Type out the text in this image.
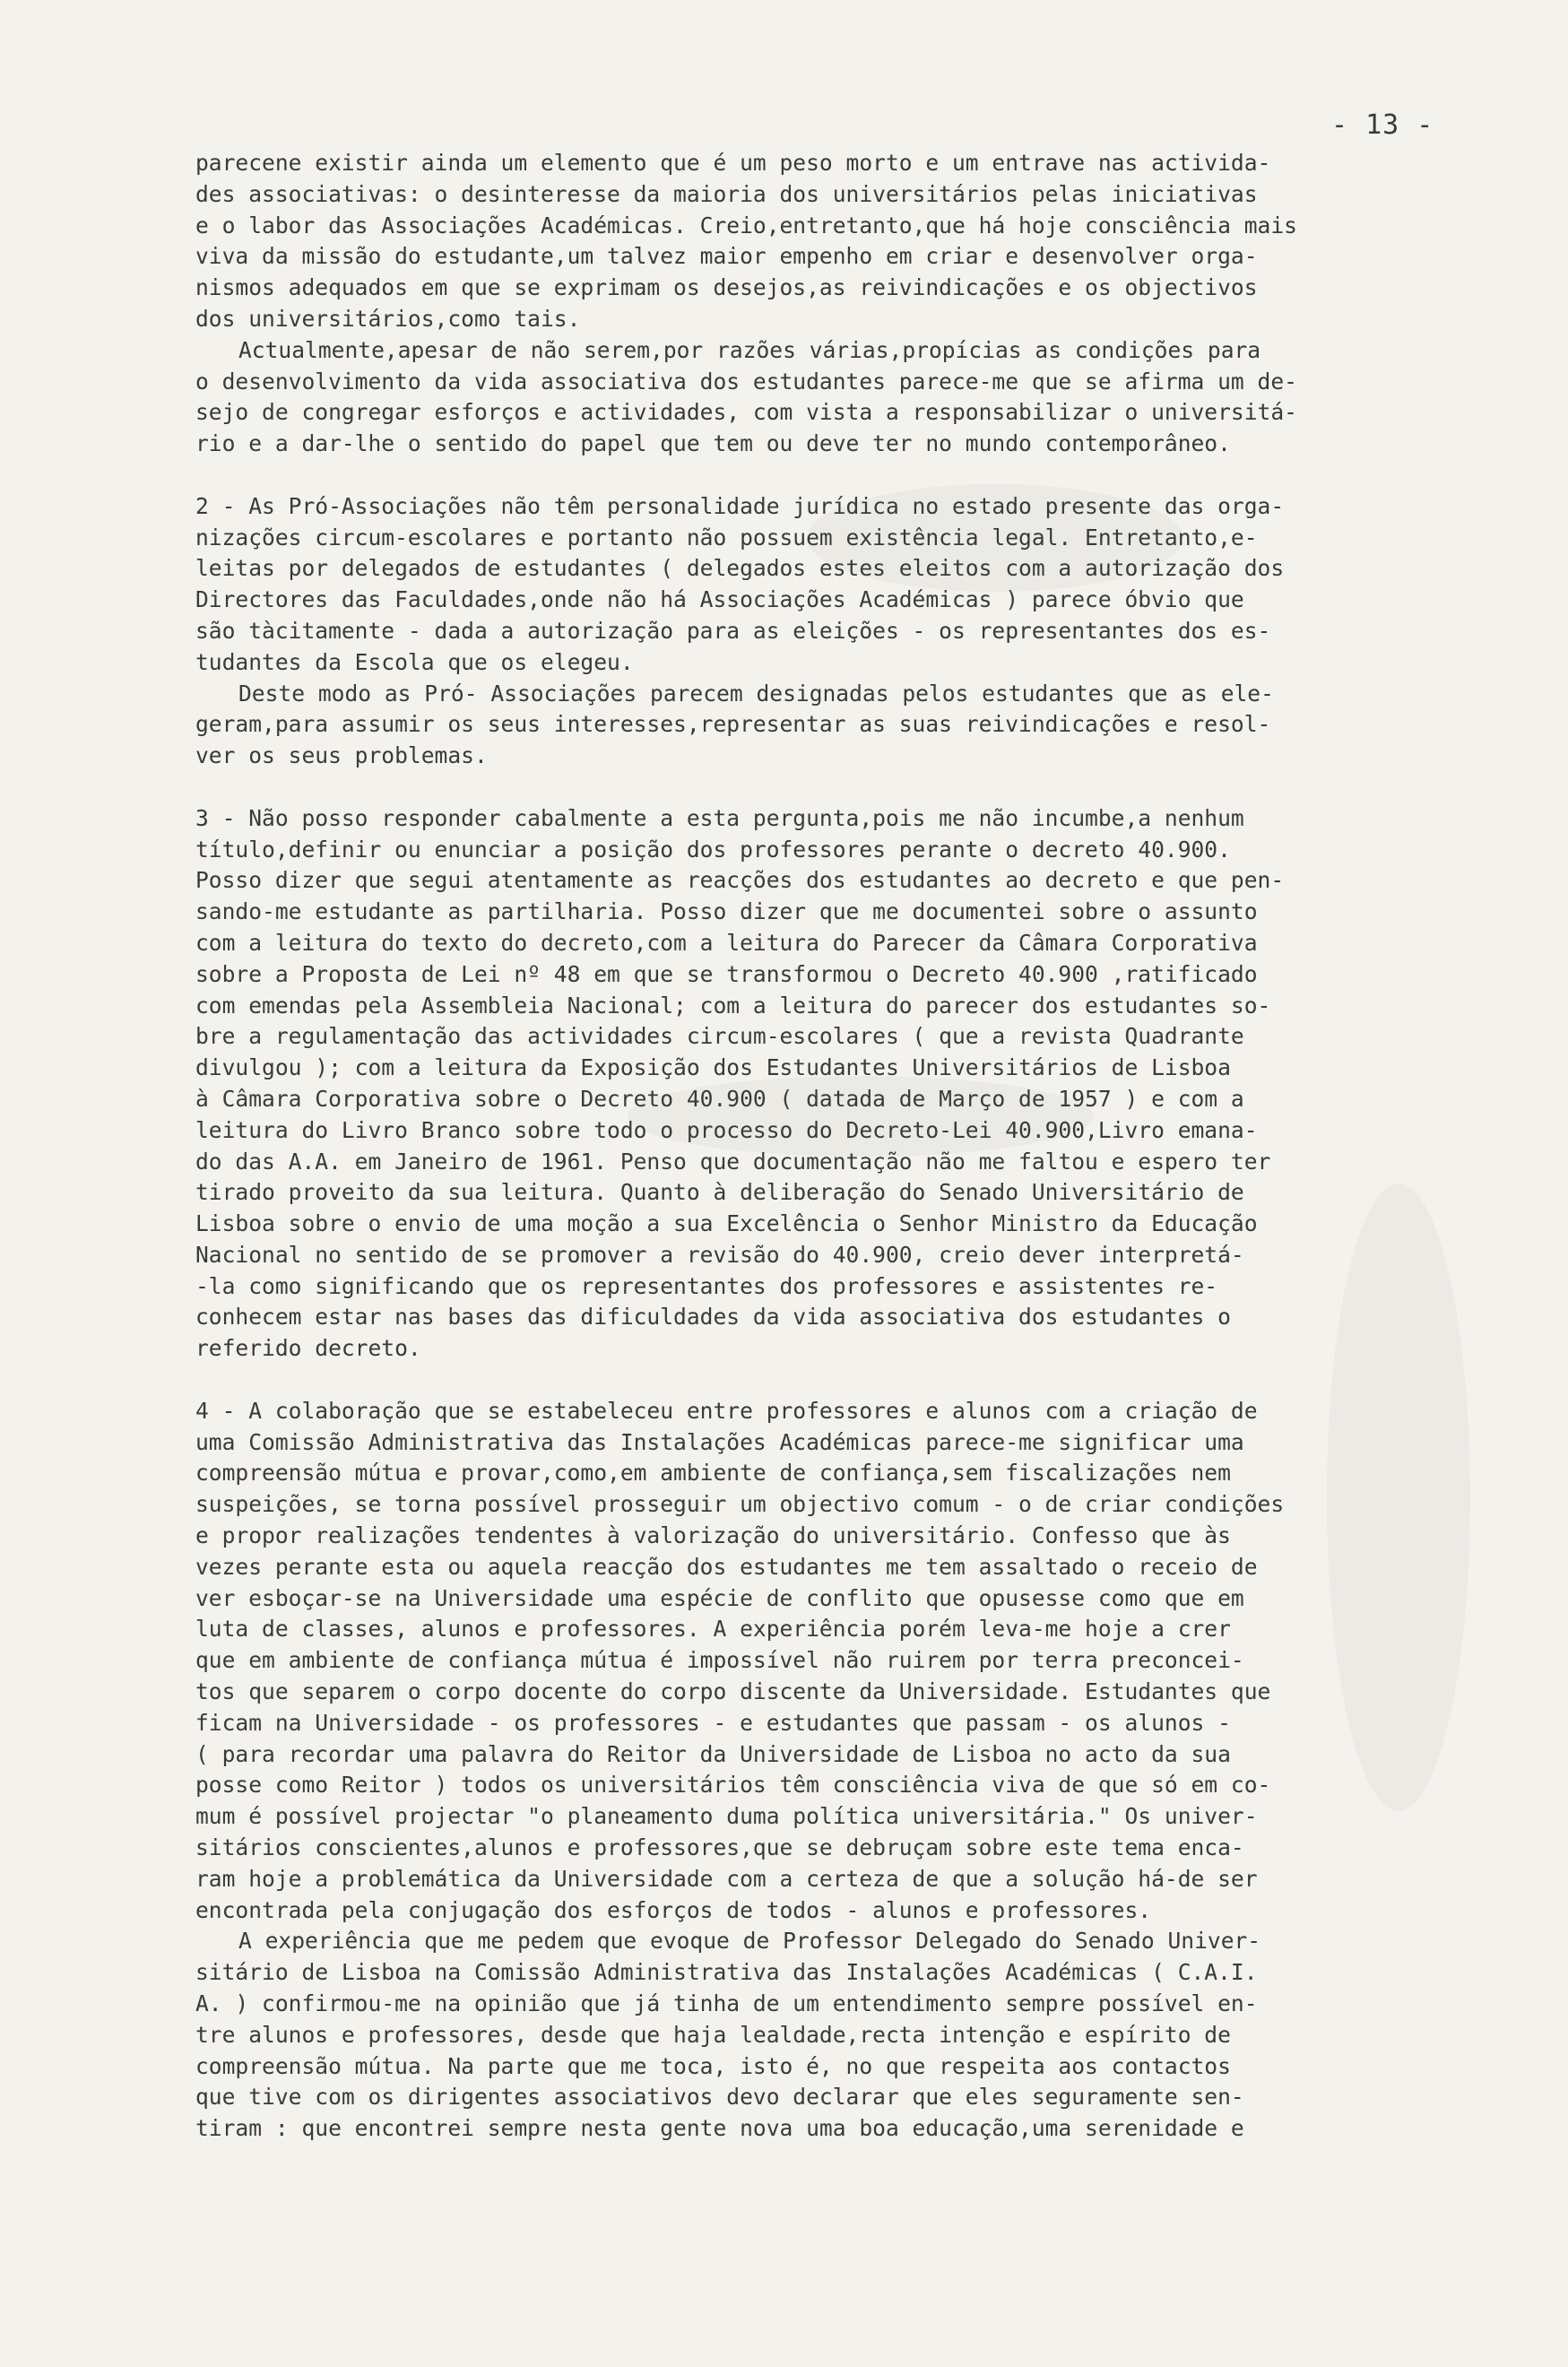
- 13 -
parecene existir ainda um elemento que é um peso morto e um entrave nas activida-
des associativas: o desinteresse da maioria dos universitários pelas iniciativas
e o labor das Associações Académicas. Creio,entretanto,que há hoje consciência mais
viva da missão do estudante,um talvez maior empenho em criar e desenvolver orga-
nismos adequados em que se exprimam os desejos,as reivindicações e os objectivos
dos universitários,como tais.
Actualmente,apesar de não serem,por razões várias,propícias as condições para
o desenvolvimento da vida associativa dos estudantes parece-me que se afirma um de-
sejo de congregar esforços e actividades, com vista a responsabilizar o universitá-
rio e a dar-lhe o sentido do papel que tem ou deve ter no mundo contemporâneo.
2 - As Pró-Associações não têm personalidade jurídica no estado presente das orga-
nizações circum-escolares e portanto não possuem existência legal. Entretanto,e-
leitas por delegados de estudantes ( delegados estes eleitos com a autorização dos
Directores das Faculdades,onde não há Associações Académicas ) parece óbvio que
são tàcitamente - dada a autorização para as eleições - os representantes dos es-
tudantes da Escola que os elegeu.
Deste modo as Pró- Associações parecem designadas pelos estudantes que as ele-
geram,para assumir os seus interesses,representar as suas reivindicações e resol-
ver os seus problemas.
3 - Não posso responder cabalmente a esta pergunta,pois me não incumbe,a nenhum
título,definir ou enunciar a posição dos professores perante o decreto 40.900.
Posso dizer que segui atentamente as reacções dos estudantes ao decreto e que pen-
sando-me estudante as partilharia. Posso dizer que me documentei sobre o assunto
com a leitura do texto do decreto,com a leitura do Parecer da Câmara Corporativa
sobre a Proposta de Lei nº 48 em que se transformou o Decreto 40.900 ,ratificado
com emendas pela Assembleia Nacional; com a leitura do parecer dos estudantes so-
bre a regulamentação das actividades circum-escolares ( que a revista Quadrante
divulgou ); com a leitura da Exposição dos Estudantes Universitários de Lisboa
à Câmara Corporativa sobre o Decreto 40.900 ( datada de Março de 1957 ) e com a
leitura do Livro Branco sobre todo o processo do Decreto-Lei 40.900,Livro emana-
do das A.A. em Janeiro de 1961. Penso que documentação não me faltou e espero ter
tirado proveito da sua leitura. Quanto à deliberação do Senado Universitário de
Lisboa sobre o envio de uma moção a sua Excelência o Senhor Ministro da Educação
Nacional no sentido de se promover a revisão do 40.900, creio dever interpretá-
-la como significando que os representantes dos professores e assistentes re-
conhecem estar nas bases das dificuldades da vida associativa dos estudantes o
referido decreto.
4 - A colaboração que se estabeleceu entre professores e alunos com a criação de
uma Comissão Administrativa das Instalações Académicas parece-me significar uma
compreensão mútua e provar,como,em ambiente de confiança,sem fiscalizações nem
suspeições, se torna possível prosseguir um objectivo comum - o de criar condições
e propor realizações tendentes à valorização do universitário. Confesso que às
vezes perante esta ou aquela reacção dos estudantes me tem assaltado o receio de
ver esboçar-se na Universidade uma espécie de conflito que opusesse como que em
luta de classes, alunos e professores. A experiência porém leva-me hoje a crer
que em ambiente de confiança mútua é impossível não ruirem por terra preconcei-
tos que separem o corpo docente do corpo discente da Universidade. Estudantes que
ficam na Universidade - os professores - e estudantes que passam - os alunos -
( para recordar uma palavra do Reitor da Universidade de Lisboa no acto da sua
posse como Reitor ) todos os universitários têm consciência viva de que só em co-
mum é possível projectar "o planeamento duma política universitária." Os univer-
sitários conscientes,alunos e professores,que se debruçam sobre este tema enca-
ram hoje a problemática da Universidade com a certeza de que a solução há-de ser
encontrada pela conjugação dos esforços de todos - alunos e professores.
A experiência que me pedem que evoque de Professor Delegado do Senado Univer-
sitário de Lisboa na Comissão Administrativa das Instalações Académicas ( C.A.I.
A. ) confirmou-me na opinião que já tinha de um entendimento sempre possível en-
tre alunos e professores, desde que haja lealdade,recta intenção e espírito de
compreensão mútua. Na parte que me toca, isto é, no que respeita aos contactos
que tive com os dirigentes associativos devo declarar que eles seguramente sen-
tiram : que encontrei sempre nesta gente nova uma boa educação,uma serenidade e
